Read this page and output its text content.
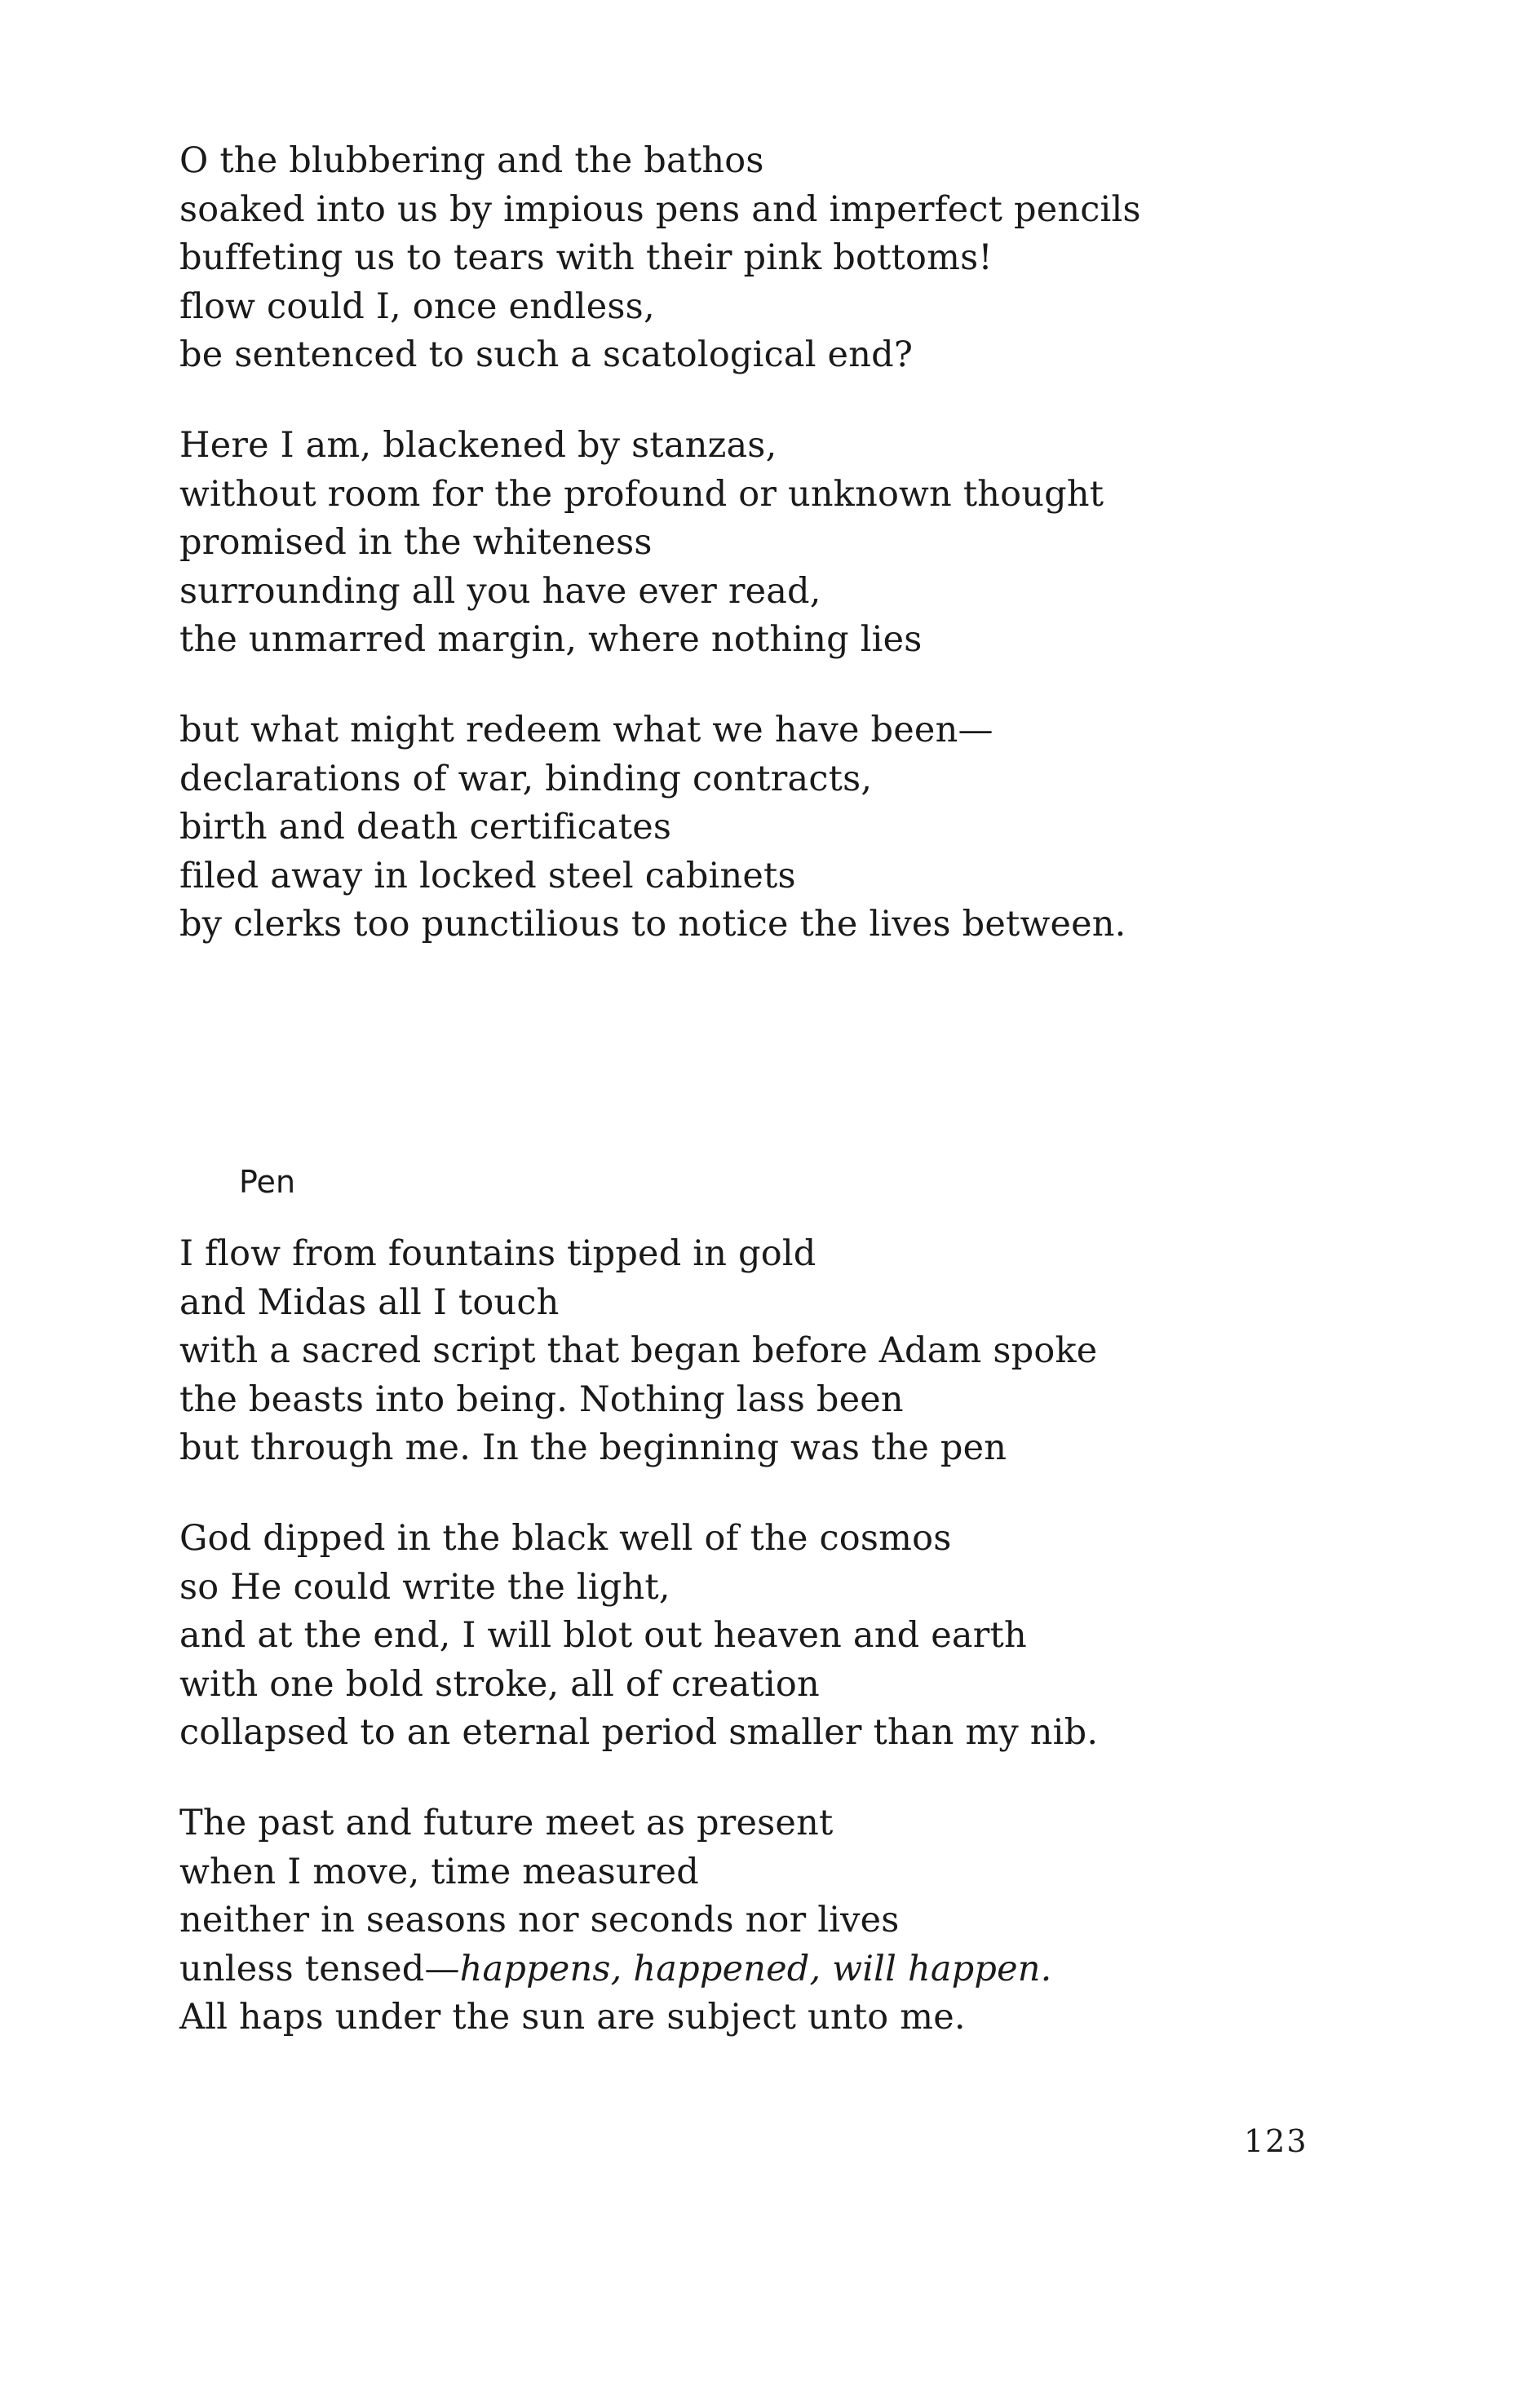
O the blubbering and the bathos
soaked into us by impious pens and imperfect pencils
buffeting us to tears with their pink bottoms!
flow could I, once endless,
be sentenced to such a scatological end?

Here I am, blackened by stanzas,
without room for the profound or unknown thought
promised in the whiteness
surrounding all you have ever read,
the unmarred margin, where nothing lies

but what might redeem what we have been—
declarations of war, binding contracts,
birth and death certificates
filed away in locked steel cabinets
by clerks too punctilious to notice the lives between.

Pen

I flow from fountains tipped in gold
and Midas all I touch
with a sacred script that began before Adam spoke
the beasts into being. Nothing lass been
but through me. In the beginning was the pen

God dipped in the black well of the cosmos
so He could write the light,
and at the end, I will blot out heaven and earth
with one bold stroke, all of creation
collapsed to an eternal period smaller than my nib.

The past and future meet as present
when I move, time measured
neither in seasons nor seconds nor lives
unless tensed—happens, happened, will happen.
All haps under the sun are subject unto me.

123
